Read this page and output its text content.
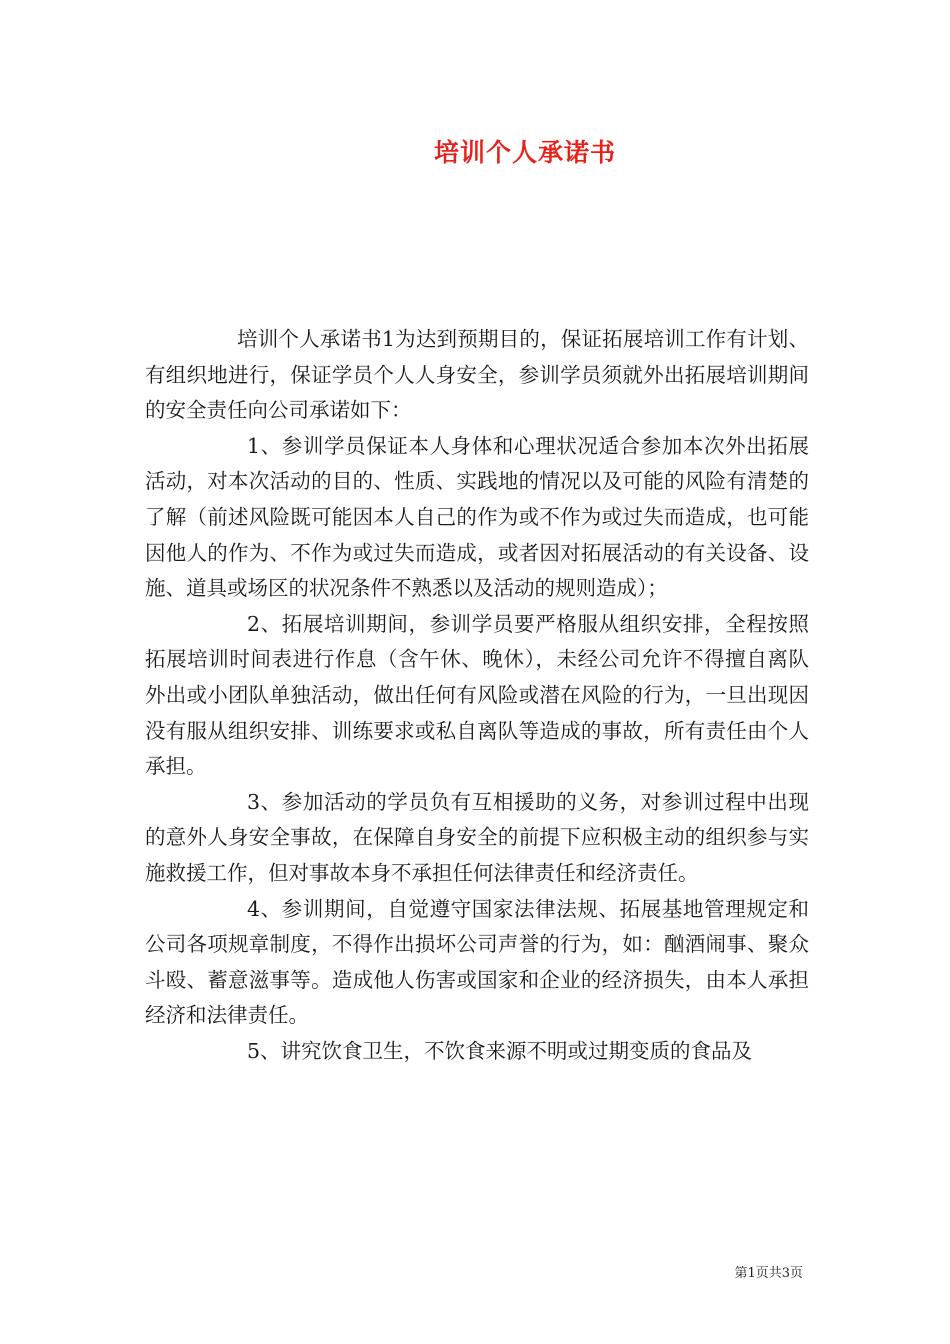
培训个人承诺书

培训个人承诺书1为达到预期目的，保证拓展培训工作有计划、有组织地进行，保证学员个人人身安全，参训学员须就外出拓展培训期间的安全责任向公司承诺如下：

1、参训学员保证本人身体和心理状况适合参加本次外出拓展活动，对本次活动的目的、性质、实践地的情况以及可能的风险有清楚的了解（前述风险既可能因本人自己的作为或不作为或过失而造成，也可能因他人的作为、不作为或过失而造成，或者因对拓展活动的有关设备、设施、道具或场区的状况条件不熟悉以及活动的规则造成）；

2、拓展培训期间，参训学员要严格服从组织安排，全程按照拓展培训时间表进行作息（含午休、晚休），未经公司允许不得擅自离队外出或小团队单独活动，做出任何有风险或潜在风险的行为，一旦出现因没有服从组织安排、训练要求或私自离队等造成的事故，所有责任由个人承担。

3、参加活动的学员负有互相援助的义务，对参训过程中出现的意外人身安全事故，在保障自身安全的前提下应积极主动的组织参与实施救援工作，但对事故本身不承担任何法律责任和经济责任。

4、参训期间，自觉遵守国家法律法规、拓展基地管理规定和公司各项规章制度，不得作出损坏公司声誉的行为，如：酗酒闹事、聚众斗殴、蓄意滋事等。造成他人伤害或国家和企业的经济损失，由本人承担经济和法律责任。

5、讲究饮食卫生，不饮食来源不明或过期变质的食品及

第1页共3页
